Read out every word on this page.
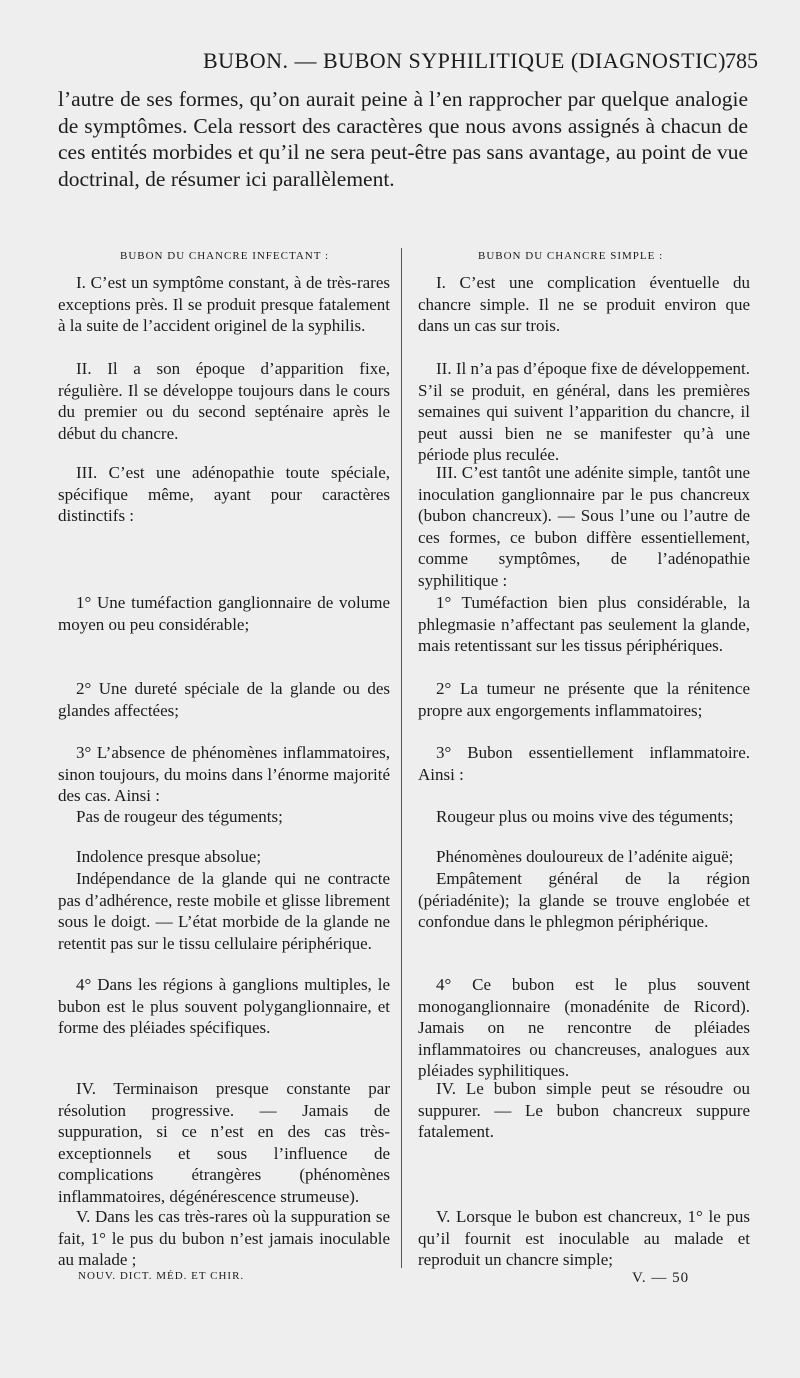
BUBON. — BUBON SYPHILITIQUE (DIAGNOSTIC).
785

l’autre de ses formes, qu’on aurait peine à l’en rapprocher par quelque analogie de symptômes. Cela ressort des caractères que nous avons assignés à chacun de ces entités morbides et qu’il ne sera peut-être pas sans avantage, au point de vue doctrinal, de résumer ici parallèlement.

BUBON DU CHANCRE INFECTANT :	BUBON DU CHANCRE SIMPLE :

I. C’est un symptôme constant, à de très-rares exceptions près. Il se produit presque fatalement à la suite de l’accident originel de la syphilis.

II. Il a son époque d’apparition fixe, régulière. Il se développe toujours dans le cours du premier ou du second septénaire après le début du chancre.

III. C’est une adénopathie toute spéciale, spécifique même, ayant pour caractères distinctifs :

1° Une tuméfaction ganglionnaire de volume moyen ou peu considérable;

2° Une dureté spéciale de la glande ou des glandes affectées;

3° L’absence de phénomènes inflammatoires, sinon toujours, du moins dans l’énorme majorité des cas. Ainsi :

Pas de rougeur des téguments;

Indolence presque absolue;

Indépendance de la glande qui ne contracte pas d’adhérence, reste mobile et glisse librement sous le doigt. — L’état morbide de la glande ne retentit pas sur le tissu cellulaire périphérique.

4° Dans les régions à ganglions multiples, le bubon est le plus souvent polyganglionnaire, et forme des pléiades spécifiques.

IV. Terminaison presque constante par résolution progressive. — Jamais de suppuration, si ce n’est en des cas très-exceptionnels et sous l’influence de complications étrangères (phénomènes inflammatoires, dégénérescence strumeuse).

V. Dans les cas très-rares où la suppuration se fait, 1° le pus du bubon n’est jamais inoculable au malade ;

I. C’est une complication éventuelle du chancre simple. Il ne se produit environ que dans un cas sur trois.

II. Il n’a pas d’époque fixe de développement. S’il se produit, en général, dans les premières semaines qui suivent l’apparition du chancre, il peut aussi bien ne se manifester qu’à une période plus reculée.

III. C’est tantôt une adénite simple, tantôt une inoculation ganglionnaire par le pus chancreux (bubon chancreux). — Sous l’une ou l’autre de ces formes, ce bubon diffère essentiellement, comme symptômes, de l’adénopathie syphilitique :

1° Tuméfaction bien plus considérable, la phlegmasie n’affectant pas seulement la glande, mais retentissant sur les tissus périphériques.

2° La tumeur ne présente que la rénitence propre aux engorgements inflammatoires;

3° Bubon essentiellement inflammatoire. Ainsi :

Rougeur plus ou moins vive des téguments;

Phénomènes douloureux de l’adénite aiguë;

Empâtement général de la région (périadénite); la glande se trouve englobée et confondue dans le phlegmon périphérique.

4° Ce bubon est le plus souvent monoganglionnaire (monadénite de Ricord). Jamais on ne rencontre de pléiades inflammatoires ou chancreuses, analogues aux pléiades syphilitiques.

IV. Le bubon simple peut se résoudre ou suppurer. — Le bubon chancreux suppure fatalement.

V. Lorsque le bubon est chancreux, 1° le pus qu’il fournit est inoculable au malade et reproduit un chancre simple;

NOUV. DICT. MÉD. ET CHIR.	V. — 50
